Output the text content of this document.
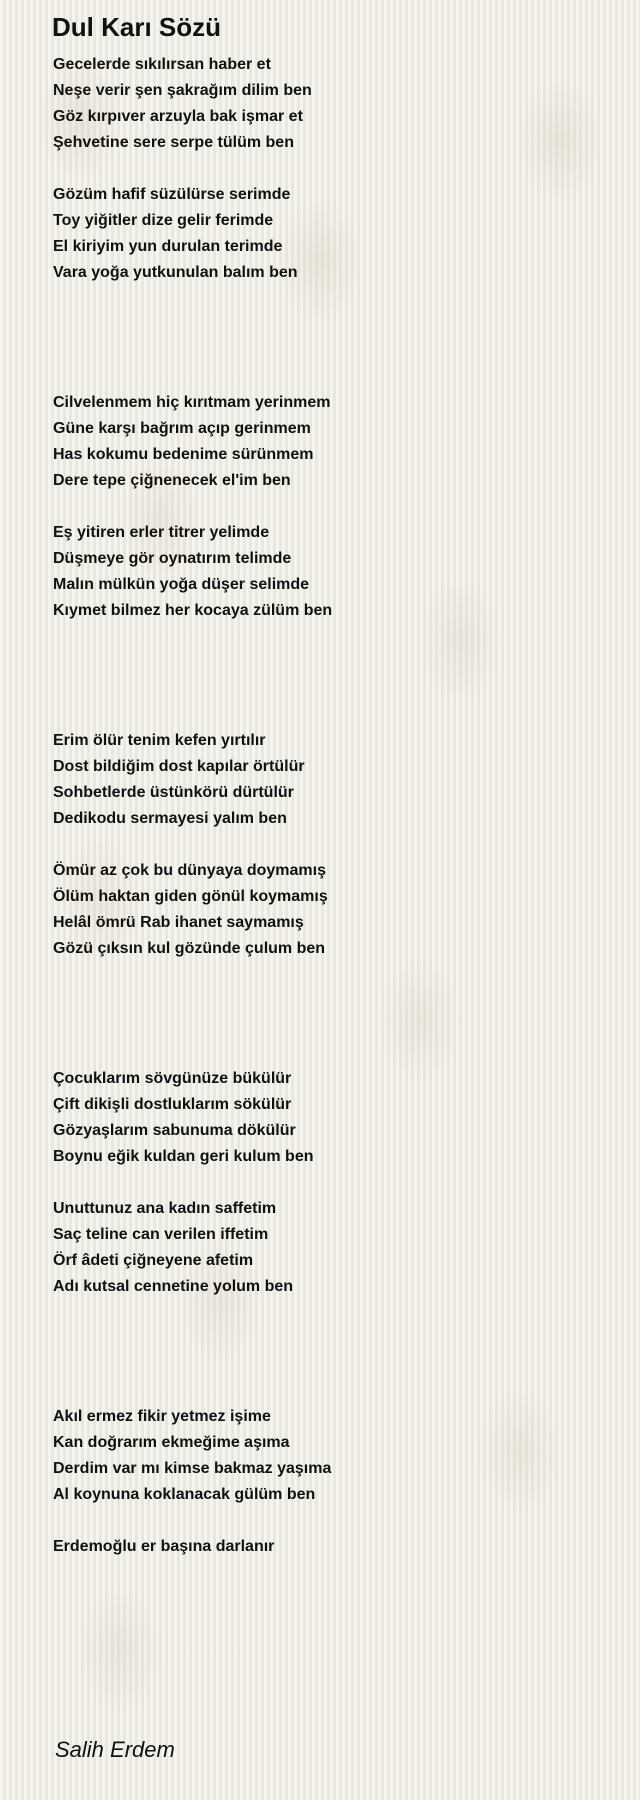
Dul Karı Sözü
Gecelerde sıkılırsan haber et
Neşe verir şen şakrağım dilim ben
Göz kırpıver arzuyla bak işmar et
Şehvetine sere serpe tülüm ben
Gözüm hafif süzülürse serimde
Toy yiğitler dize gelir ferimde
El kiriyim yun durulan terimde
Vara yoğa yutkunulan balım ben
Cilvelenmem hiç kırıtmam yerinmem
Güne karşı bağrım açıp gerinmem
Has kokumu bedenime sürünmem
Dere tepe çiğnenecek el'im ben
Eş yitiren erler titrer yelimde
Düşmeye gör oynatırım telimde
Malın mülkün yoğa düşer selimde
Kıymet bilmez her kocaya zülüm ben
Erim ölür tenim kefen yırtılır
Dost bildiğim dost kapılar örtülür
Sohbetlerde üstünkörü dürtülür
Dedikodu sermayesi yalım ben
Ömür az çok bu dünyaya doymamış
Ölüm haktan giden gönül koymamış
Helâl ömrü Rab ihanet saymamış
Gözü çıksın kul gözünde çulum ben
Çocuklarım sövgünüze bükülür
Çift dikişli dostluklarım sökülür
Gözyaşlarım sabunuma dökülür
Boynu eğik kuldan geri kulum ben
Unuttunuz ana kadın saffetim
Saç teline can verilen iffetim
Örf âdeti çiğneyene afetim
Adı kutsal cennetine yolum ben
Akıl ermez fikir yetmez işime
Kan doğrarım ekmeğime aşıma
Derdim var mı kimse bakmaz yaşıma
Al koynuna koklanacak gülüm ben
Erdemoğlu er başına darlanır
Salih Erdem
